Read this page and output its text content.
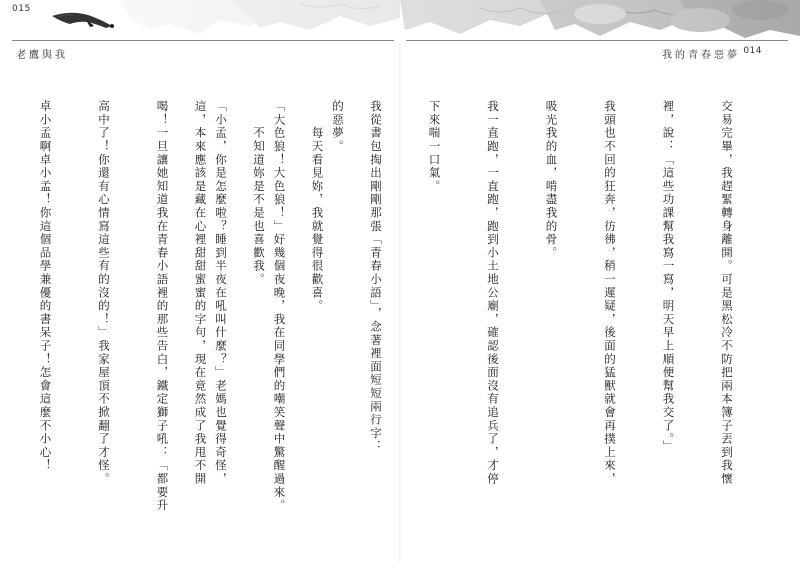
015
老鷹與我	我的青春惡夢 014

交易完畢，我趕緊轉身離開。可是黑松冷不防把兩本簿子丟到我懷

裡，說：「這些功課幫我寫一寫，明天早上順便幫我交了。」

我頭也不回的狂奔，彷彿，稍一遲疑，後面的猛獸就會再撲上來，

吸光我的血，啃盡我的骨。

我一直跑，一直跑，跑到小土地公廟，確認後面沒有追兵了，才停

下來喘一口氣。

我從書包掏出剛剛那張「青春小語」，念著裡面短短兩行字：

　　每天看見妳，我就覺得很歡喜。

　　不知道妳是不是也喜歡我。

這，本來應該是藏在心裡甜甜蜜蜜的字句，現在竟然成了我甩不開

	的惡夢。

「大色狼！大色狼！」好幾個夜晚，我在同學們的嘲笑聲中驚醒過來。

「小孟，你是怎麼啦？睡到半夜在吼叫什麼？」老媽也覺得奇怪，

喝！一旦讓她知道我在青春小語裡的那些告白，鐵定獅子吼：「都要升

高中了！你還有心情寫這些有的沒的！」我家屋頂不掀翻了才怪。

卓小孟啊卓小孟！你這個品學兼優的書呆子！怎會這麼不小心！
